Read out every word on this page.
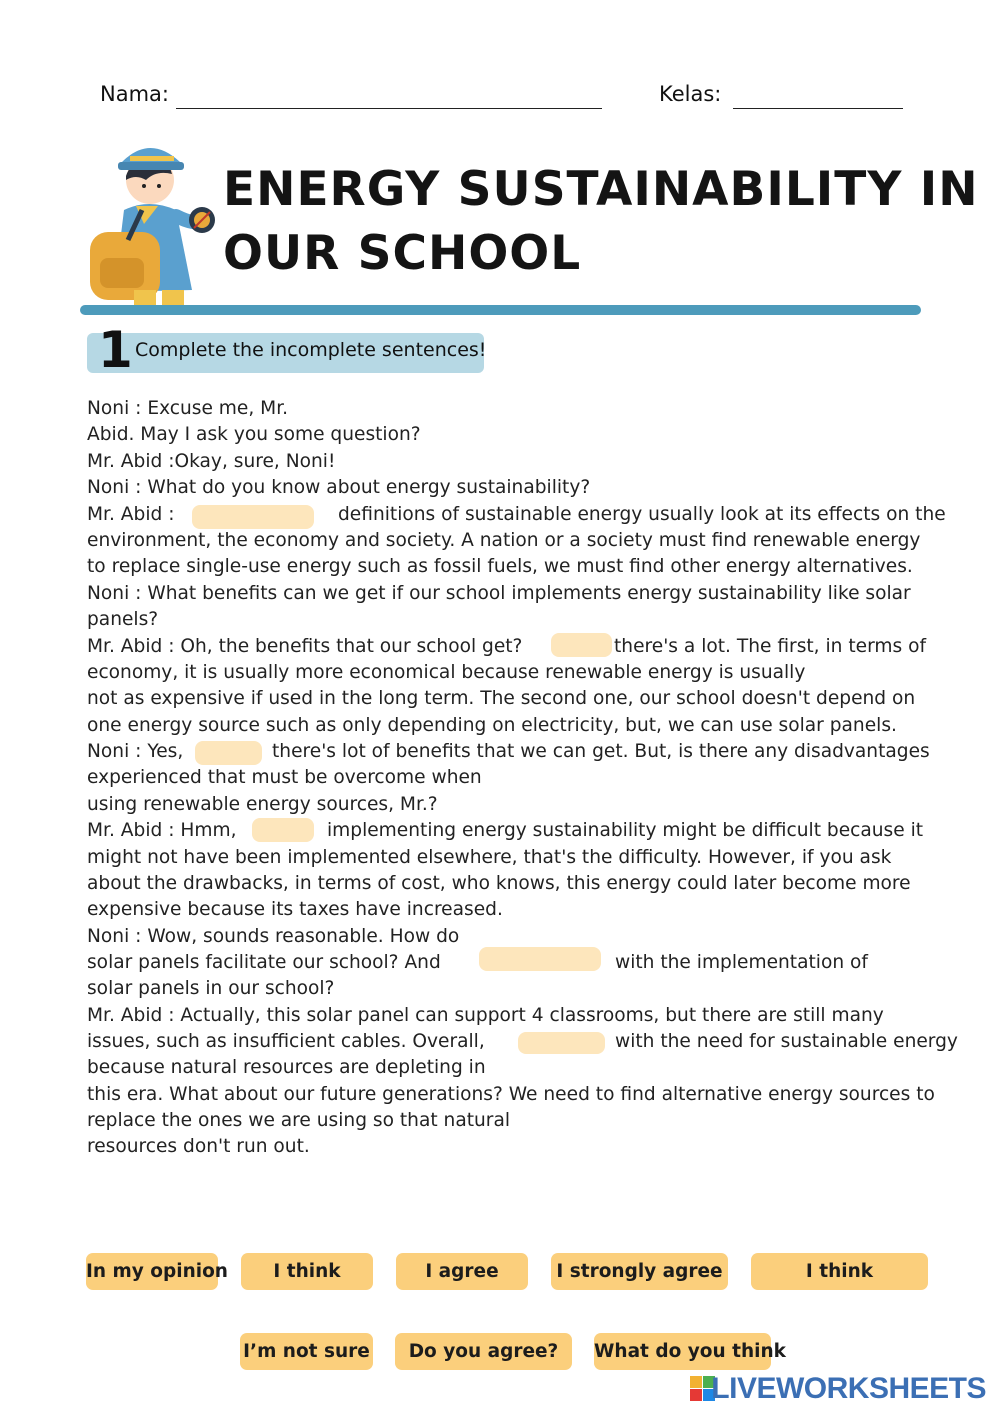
Nama:	Kelas:
ENERGY SUSTAINABILITY IN
OUR SCHOOL
1 Complete the incomplete sentences!
Noni : Excuse me, Mr.
Abid. May I ask you some question?
Mr. Abid :Okay, sure, Noni!
Noni : What do you know about energy sustainability?
Mr. Abid :	definitions of sustainable energy usually look at its effects on the
environment, the economy and society. A nation or a society must find renewable energy
to replace single-use energy such as fossil fuels, we must find other energy alternatives.
Noni : What benefits can we get if our school implements energy sustainability like solar
panels?
Mr. Abid : Oh, the benefits that our school get?	there's a lot. The first, in terms of
economy, it is usually more economical because renewable energy is usually
not as expensive if used in the long term. The second one, our school doesn't depend on
one energy source such as only depending on electricity, but, we can use solar panels.
Noni : Yes,	there's lot of benefits that we can get. But, is there any disadvantages
experienced that must be overcome when
using renewable energy sources, Mr.?
Mr. Abid : Hmm,	implementing energy sustainability might be difficult because it
might not have been implemented elsewhere, that's the difficulty. However, if you ask
about the drawbacks, in terms of cost, who knows, this energy could later become more
expensive because its taxes have increased.
Noni : Wow, sounds reasonable. How do
solar panels facilitate our school? And	with the implementation of
solar panels in our school?
Mr. Abid : Actually, this solar panel can support 4 classrooms, but there are still many
issues, such as insufficient cables. Overall,	with the need for sustainable energy
because natural resources are depleting in
this era. What about our future generations? We need to find alternative energy sources to
replace the ones we are using so that natural
resources don't run out.
In my opinion	I think	I agree	I strongly agree	I think
I’m not sure	Do you agree?	What do you think
LIVEWORKSHEETS
